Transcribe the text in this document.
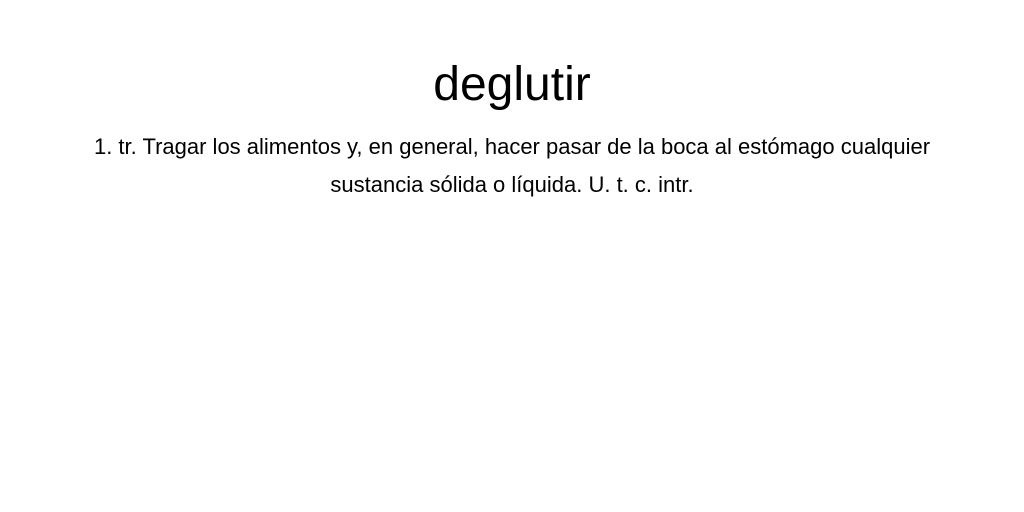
deglutir

1. tr. Tragar los alimentos y, en general, hacer pasar de la boca al estómago cualquier sustancia sólida o líquida. U. t. c. intr.
